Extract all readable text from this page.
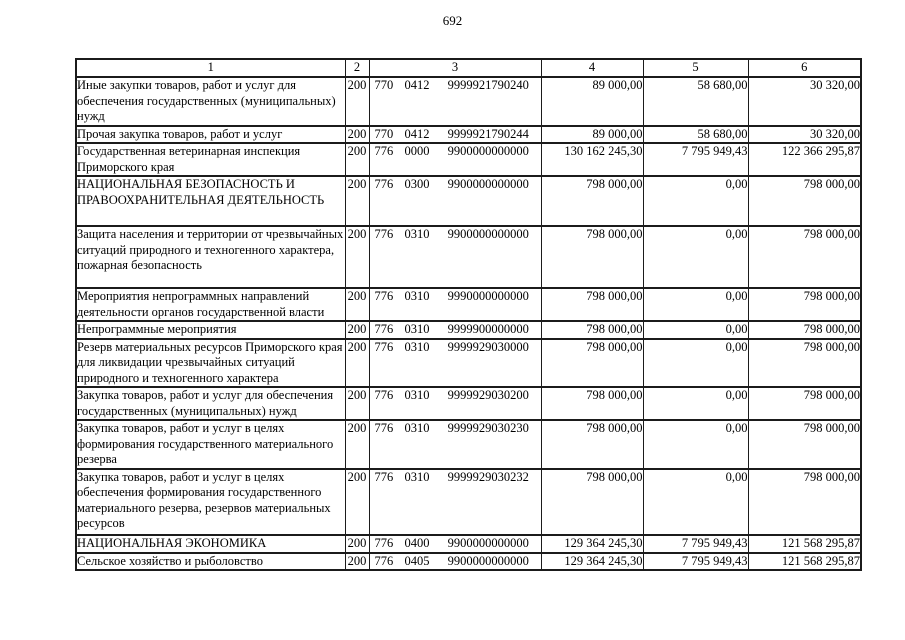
692
1	2	3	4	5	6
Иные закупки товаров, работ и услуг для обеспечения государственных (муниципальных) нужд	200	770 0412 9999921790 240	89 000,00	58 680,00	30 320,00
Прочая закупка товаров, работ и услуг	200	770 0412 9999921790 244	89 000,00	58 680,00	30 320,00
Государственная ветеринарная инспекция Приморского края	200	776 0000 9900000000 000	130 162 245,30	7 795 949,43	122 366 295,87
НАЦИОНАЛЬНАЯ БЕЗОПАСНОСТЬ И ПРАВООХРАНИТЕЛЬНАЯ ДЕЯТЕЛЬНОСТЬ	200	776 0300 9900000000 000	798 000,00	0,00	798 000,00
Защита населения и территории от чрезвычайных ситуаций природного и техногенного характера, пожарная безопасность	200	776 0310 9900000000 000	798 000,00	0,00	798 000,00
Мероприятия непрограммных направлений деятельности органов государственной власти	200	776 0310 9990000000 000	798 000,00	0,00	798 000,00
Непрограммные мероприятия	200	776 0310 9999900000 000	798 000,00	0,00	798 000,00
Резерв материальных ресурсов Приморского края для ликвидации чрезвычайных ситуаций природного и техногенного характера	200	776 0310 9999929030 000	798 000,00	0,00	798 000,00
Закупка товаров, работ и услуг для обеспечения государственных (муниципальных) нужд	200	776 0310 9999929030 200	798 000,00	0,00	798 000,00
Закупка товаров, работ и услуг в целях формирования государственного материального резерва	200	776 0310 9999929030 230	798 000,00	0,00	798 000,00
Закупка товаров, работ и услуг в целях обеспечения формирования государственного материального резерва, резервов материальных ресурсов	200	776 0310 9999929030 232	798 000,00	0,00	798 000,00
НАЦИОНАЛЬНАЯ ЭКОНОМИКА	200	776 0400 9900000000 000	129 364 245,30	7 795 949,43	121 568 295,87
Сельское хозяйство и рыболовство	200	776 0405 9900000000 000	129 364 245,30	7 795 949,43	121 568 295,87
